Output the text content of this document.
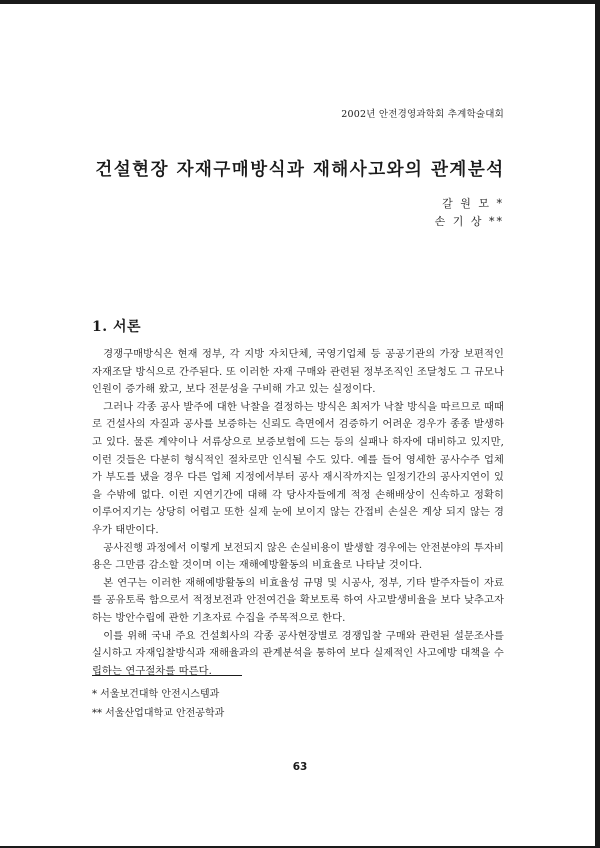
2002년 안전경영과학회 추계학술대회
건설현장 자재구매방식과 재해사고와의 관계분석
갈 원 모 *
손 기 상 **
1. 서론

경쟁구매방식은 현재 정부, 각 지방 자치단체, 국영기업체 등 공공기관의 가장 보편적인 자재조달 방식으로 간주된다. 또 이러한 자재 구매와 관련된 정부조직인 조달청도 그 규모나 인원이 증가해 왔고, 보다 전문성을 구비해 가고 있는 실정이다.

그러나 각종 공사 발주에 대한 낙찰을 결정하는 방식은 최저가 낙찰 방식을 따르므로 때때로 건설사의 자질과 공사를 보증하는 신뢰도 측면에서 검증하기 어려운 경우가 종종 발생하고 있다. 물론 계약이나 서류상으로 보증보험에 드는 등의 실패나 하자에 대비하고 있지만, 이런 것들은 다분히 형식적인 절차로만 인식될 수도 있다. 예를 들어 영세한 공사수주 업체가 부도를 냈을 경우 다른 업체 지정에서부터 공사 재시작까지는 일정기간의 공사지연이 있을 수밖에 없다. 이런 지연기간에 대해 각 당사자들에게 적정 손해배상이 신속하고 정확히 이루어지기는 상당히 어렵고 또한 실제 눈에 보이지 않는 간접비 손실은 계상 되지 않는 경우가 태반이다.

공사진행 과정에서 이렇게 보전되지 않은 손실비용이 발생할 경우에는 안전분야의 투자비용은 그만큼 감소할 것이며 이는 재해예방활동의 비효율로 나타날 것이다.

본 연구는 이러한 재해예방활동의 비효율성 규명 및 시공사, 정부, 기타 발주자들이 자료를 공유토록 함으로서 적정보전과 안전여건을 확보토록 하여 사고발생비율을 보다 낮추고자 하는 방안수립에 관한 기초자료 수집을 주목적으로 한다.

이를 위해 국내 주요 건설회사의 각종 공사현장별로 경쟁입찰 구매와 관련된 설문조사를 실시하고 자재입찰방식과 재해율과의 관계분석을 통하여 보다 실제적인 사고예방 대책을 수립하는 연구절차를 따른다.

* 서울보건대학 안전시스템과
** 서울산업대학교 안전공학과
63
